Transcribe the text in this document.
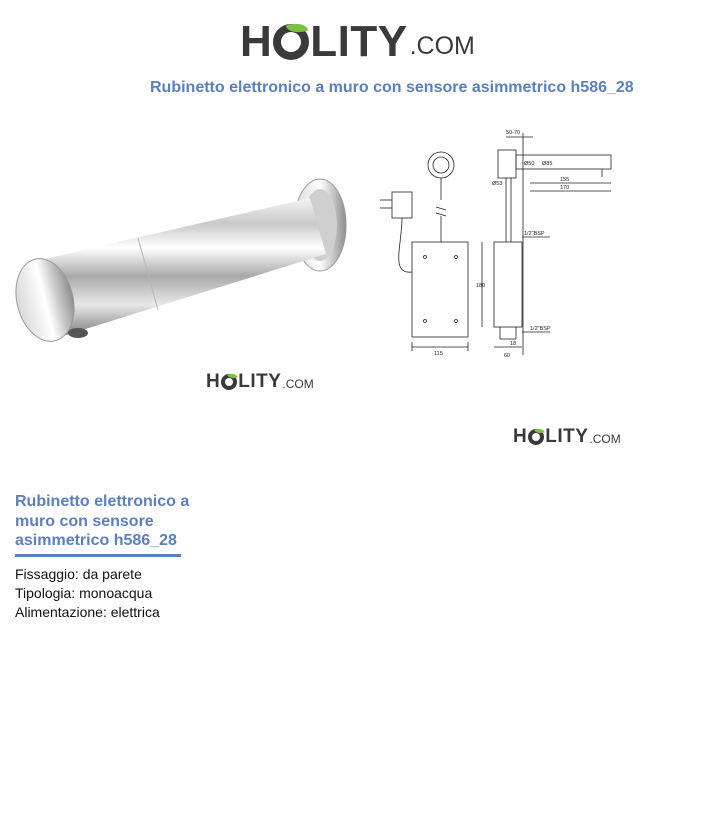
H LITY .COM
Rubinetto elettronico a muro con sensore asimmetrico h586_28
50-70
Ø50 Ø85
155
170
Ø53
1/2"BSP
180
115
1/2"BSP
18
60
H LITY .COM
H LITY .COM
Rubinetto elettronico a muro con sensore asimmetrico h586_28
Fissaggio: da parete
Tipologia: monoacqua
Alimentazione: elettrica
